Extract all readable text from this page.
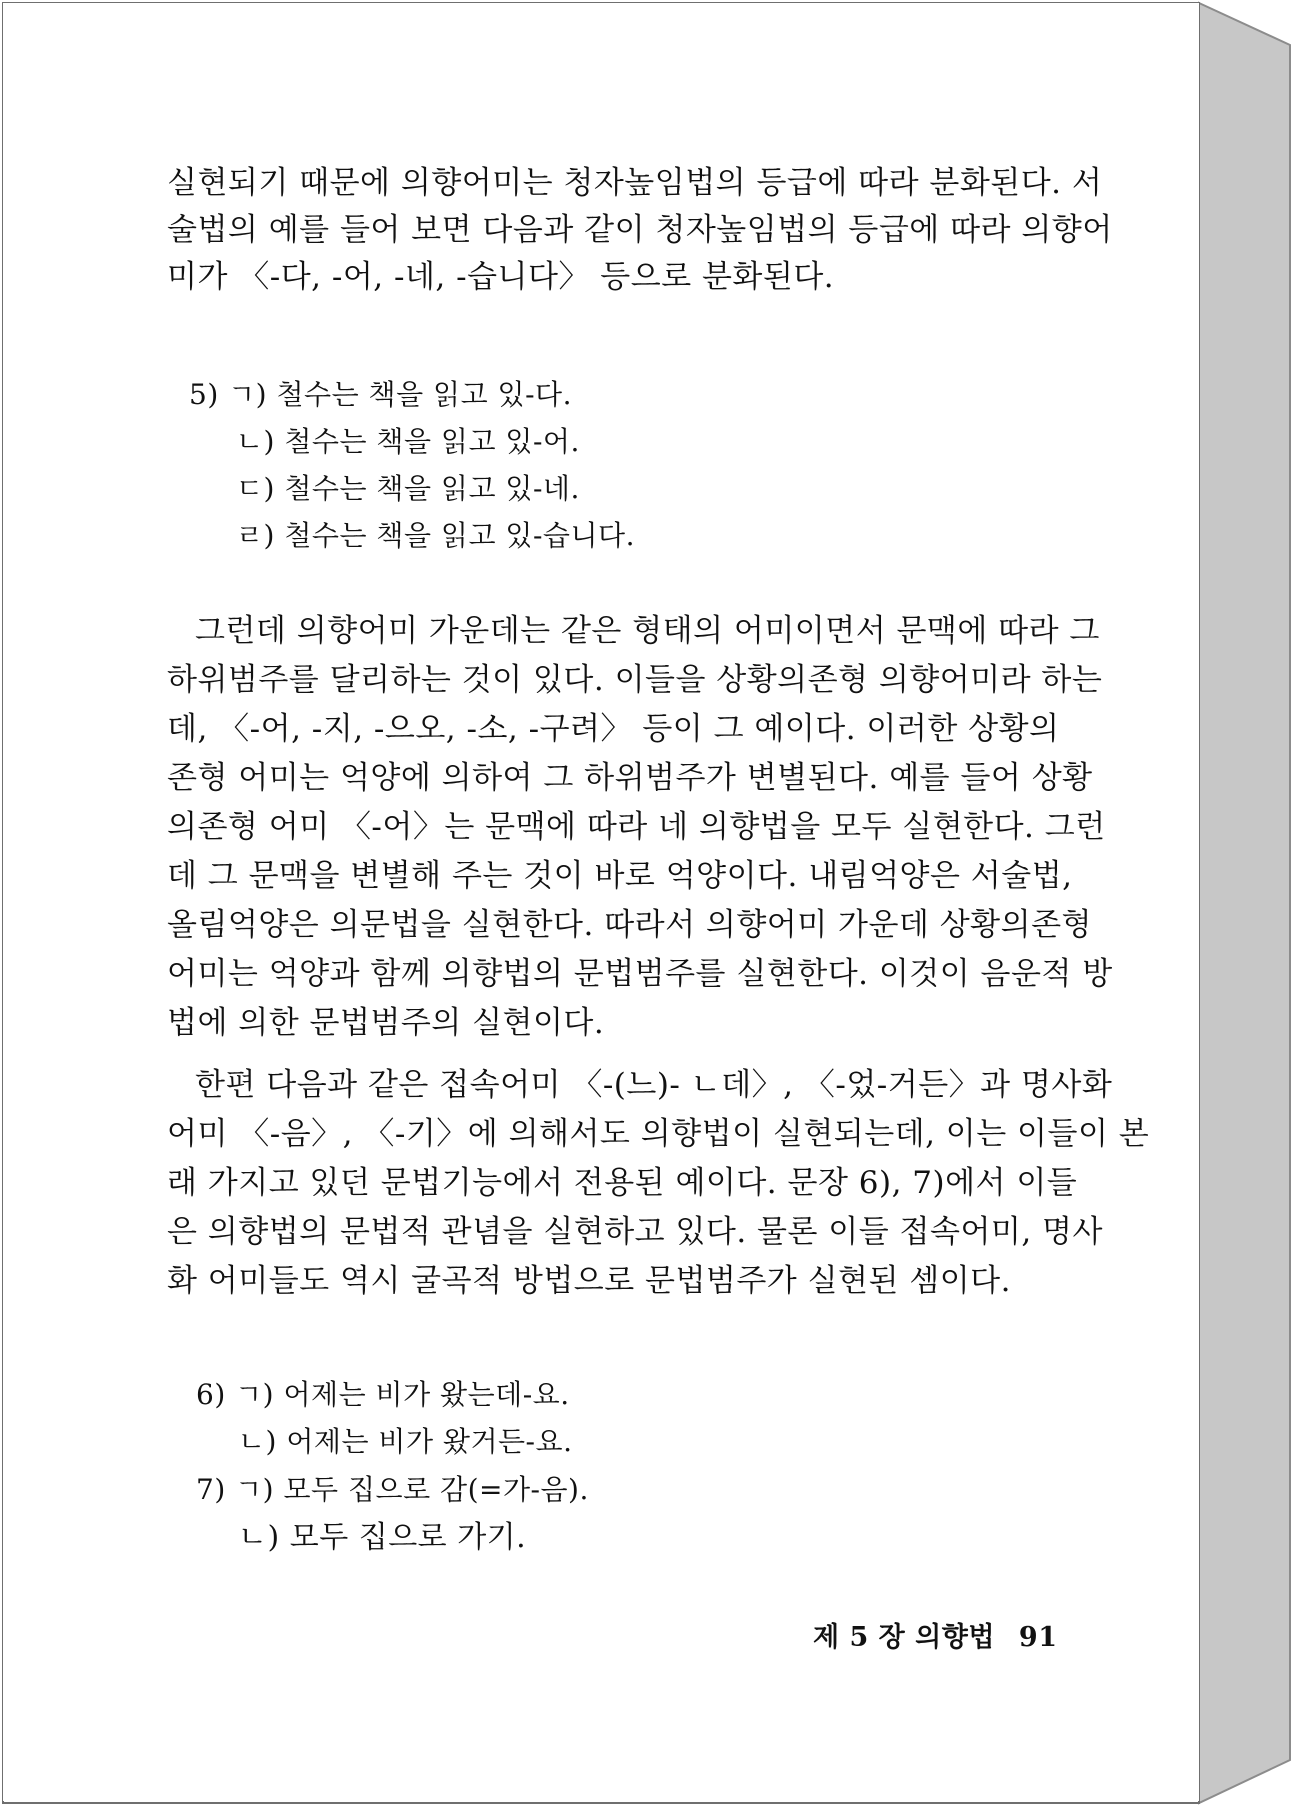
실현되기 때문에 의향어미는 청자높임법의 등급에 따라 분화된다. 서
술법의 예를 들어 보면 다음과 같이 청자높임법의 등급에 따라 의향어
미가 〈-다, -어, -네, -습니다〉 등으로 분화된다.
5) ㄱ) 철수는 책을 읽고 있-다.
ㄴ) 철수는 책을 읽고 있-어.
ㄷ) 철수는 책을 읽고 있-네.
ㄹ) 철수는 책을 읽고 있-습니다.
그런데 의향어미 가운데는 같은 형태의 어미이면서 문맥에 따라 그
하위범주를 달리하는 것이 있다. 이들을 상황의존형 의향어미라 하는
데, 〈-어, -지, -으오, -소, -구려〉 등이 그 예이다. 이러한 상황의
존형 어미는 억양에 의하여 그 하위범주가 변별된다. 예를 들어 상황
의존형 어미 〈-어〉는 문맥에 따라 네 의향법을 모두 실현한다. 그런
데 그 문맥을 변별해 주는 것이 바로 억양이다. 내림억양은 서술법,
올림억양은 의문법을 실현한다. 따라서 의향어미 가운데 상황의존형
어미는 억양과 함께 의향법의 문법범주를 실현한다. 이것이 음운적 방
법에 의한 문법범주의 실현이다.
한편 다음과 같은 접속어미 〈-(느)- ㄴ데〉, 〈-었-거든〉과 명사화
어미 〈-음〉, 〈-기〉에 의해서도 의향법이 실현되는데, 이는 이들이 본
래 가지고 있던 문법기능에서 전용된 예이다. 문장 6), 7)에서 이들
은 의향법의 문법적 관념을 실현하고 있다. 물론 이들 접속어미, 명사
화 어미들도 역시 굴곡적 방법으로 문법범주가 실현된 셈이다.
6) ㄱ) 어제는 비가 왔는데-요.
ㄴ) 어제는 비가 왔거든-요.
7) ㄱ) 모두 집으로 감(=가-음).
ㄴ) 모두 집으로 가기.
제 5 장 의향법 91
